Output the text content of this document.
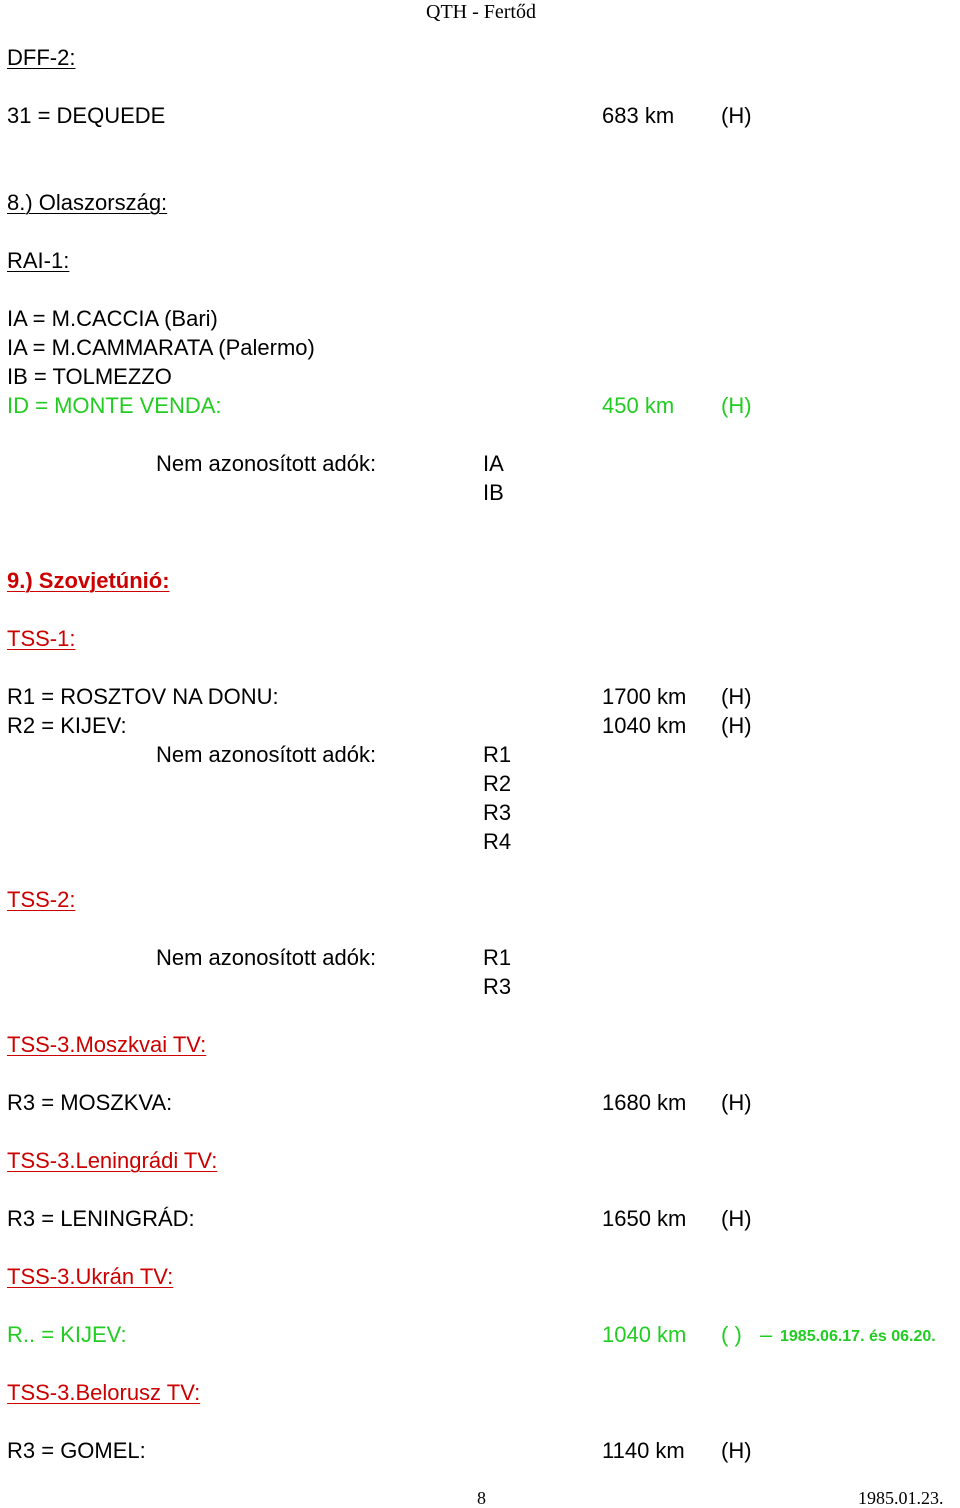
QTH - Fertőd
DFF-2:
31 = DEQUEDE	683 km (H)
8.) Olaszország:
RAI-1:
IA = M.CACCIA (Bari)
IA = M.CAMMARATA (Palermo)
IB = TOLMEZZO
ID = MONTE VENDA:	450 km (H)
Nem azonosított adók:	IA
IB
9.) Szovjetúnió:
TSS-1:
R1 = ROSZTOV NA DONU:	1700 km (H)
R2 = KIJEV:	1040 km (H)
Nem azonosított adók:	R1
R2
R3
R4
TSS-2:
Nem azonosított adók:	R1
R3
TSS-3.Moszkvai TV:
R3 = MOSZKVA:	1680 km (H)
TSS-3.Leningrádi TV:
R3 = LENINGRÁD:	1650 km (H)
TSS-3.Ukrán TV:
R.. = KIJEV:	1040 km ( ) – 1985.06.17. és 06.20.
TSS-3.Belorusz TV:
R3 = GOMEL:	1140 km (H)
8	1985.01.23.
